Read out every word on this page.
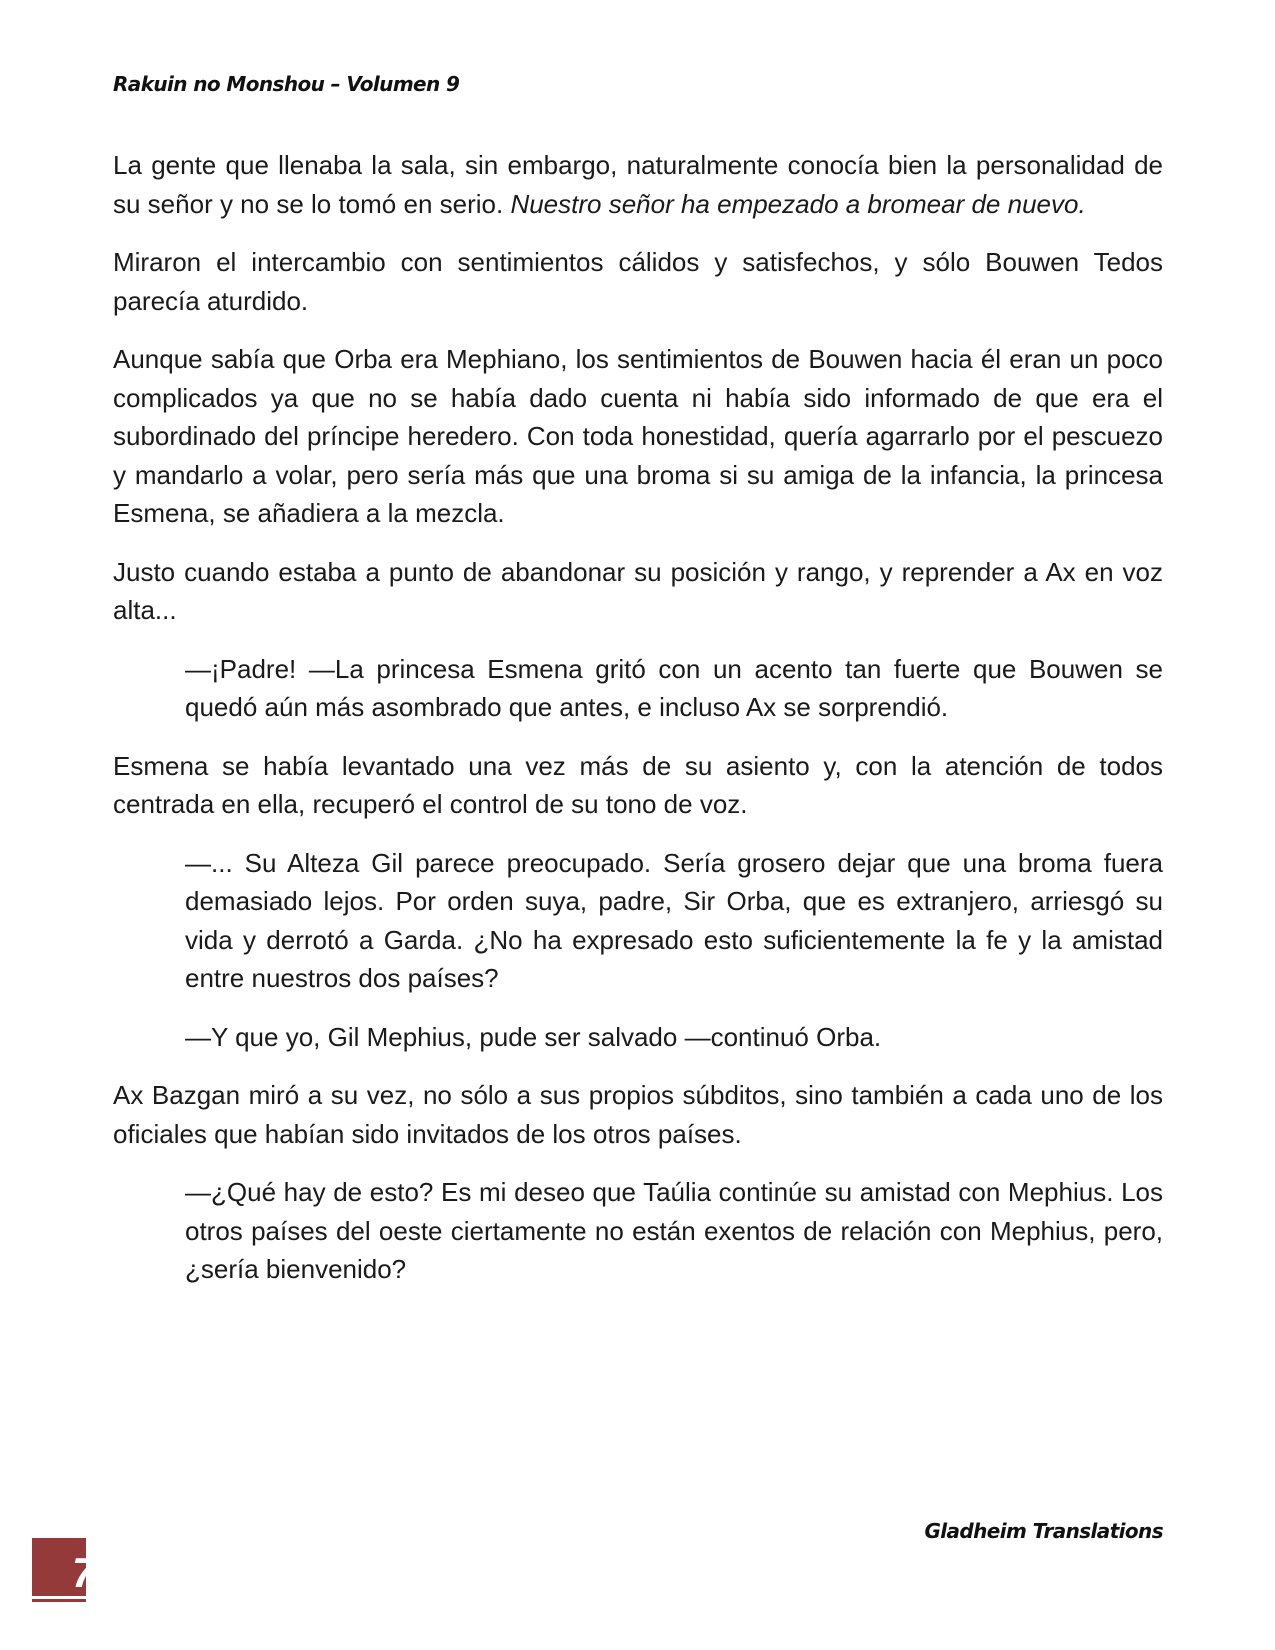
Rakuin no Monshou – Volumen 9

La gente que llenaba la sala, sin embargo, naturalmente conocía bien la personalidad de su señor y no se lo tomó en serio. Nuestro señor ha empezado a bromear de nuevo.

Miraron el intercambio con sentimientos cálidos y satisfechos, y sólo Bouwen Tedos parecía aturdido.

Aunque sabía que Orba era Mephiano, los sentimientos de Bouwen hacia él eran un poco complicados ya que no se había dado cuenta ni había sido informado de que era el subordinado del príncipe heredero. Con toda honestidad, quería agarrarlo por el pescuezo y mandarlo a volar, pero sería más que una broma si su amiga de la infancia, la princesa Esmena, se añadiera a la mezcla.

Justo cuando estaba a punto de abandonar su posición y rango, y reprender a Ax en voz alta...

—¡Padre! —La princesa Esmena gritó con un acento tan fuerte que Bouwen se quedó aún más asombrado que antes, e incluso Ax se sorprendió.

Esmena se había levantado una vez más de su asiento y, con la atención de todos centrada en ella, recuperó el control de su tono de voz.

—... Su Alteza Gil parece preocupado. Sería grosero dejar que una broma fuera demasiado lejos. Por orden suya, padre, Sir Orba, que es extranjero, arriesgó su vida y derrotó a Garda. ¿No ha expresado esto suficientemente la fe y la amistad entre nuestros dos países?

—Y que yo, Gil Mephius, pude ser salvado —continuó Orba.

Ax Bazgan miró a su vez, no sólo a sus propios súbditos, sino también a cada uno de los oficiales que habían sido invitados de los otros países.

—¿Qué hay de esto? Es mi deseo que Taúlia continúe su amistad con Mephius. Los otros países del oeste ciertamente no están exentos de relación con Mephius, pero, ¿sería bienvenido?

Gladheim Translations
7
